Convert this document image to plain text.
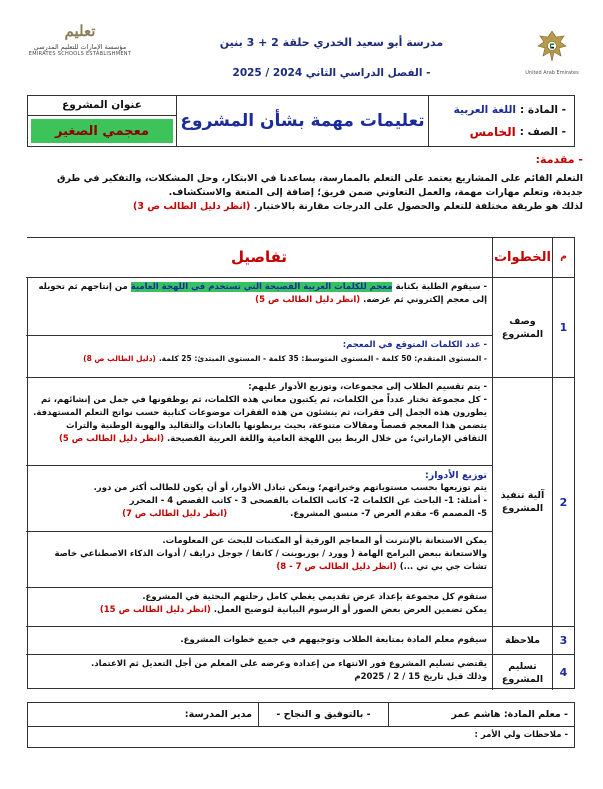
United Arab Emirates
مدرسة أبو سعيد الخدري حلقة 2 + 3 بنين
- الفصل الدراسي الثاني 2024 / 2025
تعليم
مؤسسة الإمارات للتعليم المدرسي
EMIRATES SCHOOLS ESTABLISHMENT
- المادة :
اللغة العربية
- الصف :
الخامس
تعليمات مهمة بشأن المشروع
عنوان المشروع
معجمي الصغير
- مقدمة:

التعلم القائم على المشاريع يعتمد على التعلم بالممارسة، يساعدنا في الابتكار، وحل المشكلات، والتفكير في طرق

جديدة، وتعلم مهارات مهمة، والعمل التعاوني ضمن فريق؛ إضافة إلى المتعة والاستكشاف.

لذلك هو طريقة مختلفة للتعلم والحصول على الدرجات مقارنة بالاختبار. (انظر دليل الطالب ص 3)

م
الخطوات
تفاصيل
1
وصف المشروع
- سيقوم الطلبة بكتابة معجم للكلمات العربية الفصيحة التي تستخدم في اللهجة العامية من إنتاجهم ثم تحويله إلى معجم إلكتروني ثم عرضه. (انظر دليل الطالب ص 5)
- عدد الكلمات المتوقع في المعجم:
- المستوى المتقدم: 50 كلمة - المستوى المتوسط: 35 كلمة - المستوى المبتدئ: 25 كلمة. (دليل الطالب ص 8)
2
آلية تنفيذ المشروع
- يتم تقسيم الطلاب إلى مجموعات، وتوزيع الأدوار عليهم:
- كل مجموعة تختار عدداً من الكلمات، ثم يكتبون معاني هذه الكلمات، ثم يوظفونها في جمل من إنشائهم، ثم يطورون هذه الجمل إلى فقرات، ثم ينشئون من هذه الفقرات موضوعات كتابية حسب نواتج التعلم المستهدفة.
يتضمن هذا المعجم قصصاً ومقالات متنوعة، بحيث يربطونها بالعادات والتقاليد والهوية الوطنية والتراث الثقافي الإماراتي؛ من خلال الربط بين اللهجة العامية واللغة العربية الفصيحة. (انظر دليل الطالب ص 5)
توزيع الأدوار:
يتم توزيعها بحسب مستوياتهم وخبراتهم؛ ويمكن تبادل الأدوار، أو أن يكون للطالب أكثر من دور.
- أمثلة: 1- الباحث عن الكلمات 2- كاتب الكلمات بالفصحى 3 - كاتب القصص 4 - المحرر
5- المصمم 6- مقدم العرض 7- منسق المشروع. (انظر دليل الطالب ص 7)
يمكن الاستعانة بالإنترنت أو المعاجم الورقية أو المكتبات للبحث عن المعلومات.
والاستعانة ببعض البرامج الهامة ( وورد / بوربوينت / كانفا / جوجل درايف / أدوات الذكاء الاصطناعي خاصة تشات جي بي تي ...) (انظر دليل الطالب ص 7 - 8)
ستقوم كل مجموعة بإعداد عرض تقديمي يغطي كامل رحلتهم البحثية في المشروع.
يمكن تضمين العرض بعض الصور أو الرسوم البيانية لتوضيح العمل. (انظر دليل الطالب ص 15)
3
ملاحظة
سيقوم معلم المادة بمتابعة الطلاب وتوجيههم في جميع خطوات المشروع.
4
تسليم المشروع
يقتضي تسليم المشروع فور الانتهاء من إعداده وعرضه على المعلم من أجل التعديل ثم الاعتماد.
وذلك قبل تاريخ 15 / 2 / 2025م
- معلم المادة: هاشم عمر
- بالتوفيق و النجاح -
مدير المدرسة:
- ملاحظات ولي الأمر :
